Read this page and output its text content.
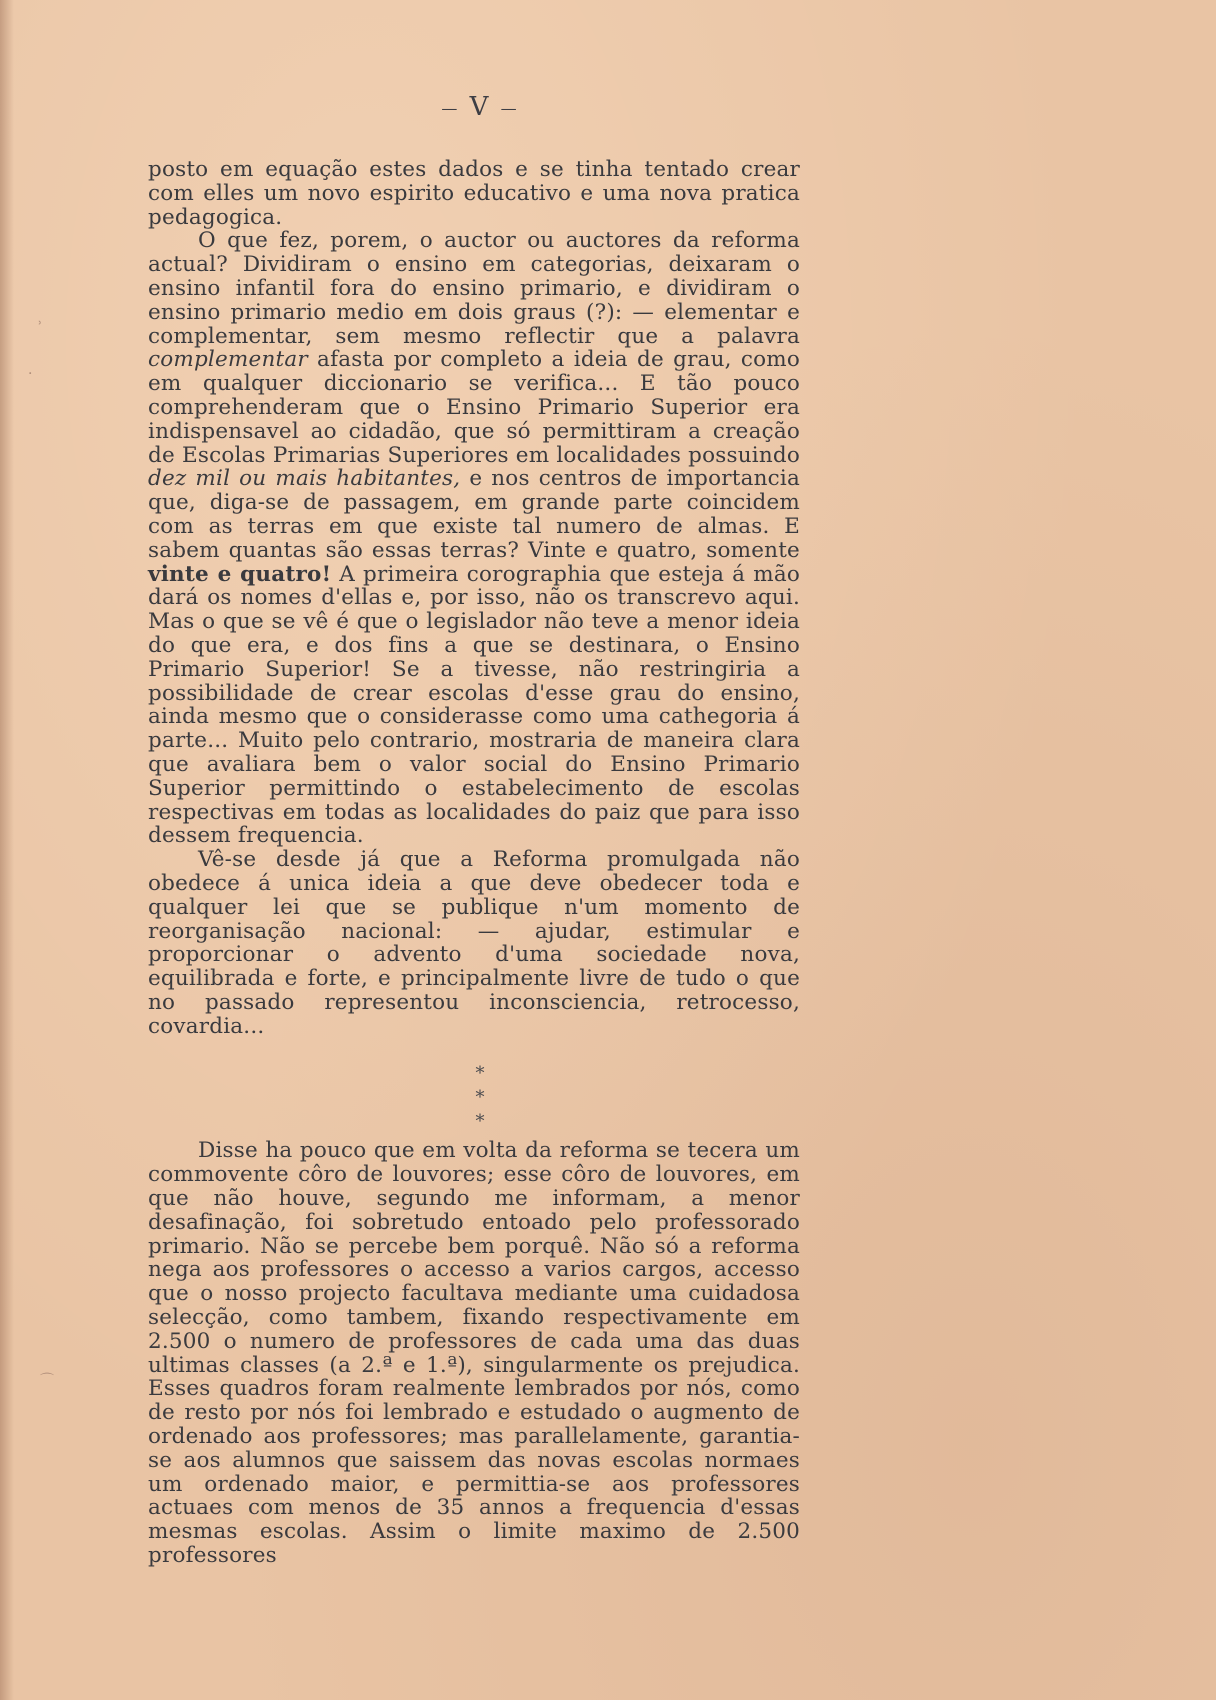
˒
·
⌒
— V —

posto em equação estes dados e se tinha tentado crear com elles um novo espirito educativo e uma nova pratica pedagogica.

O que fez, porem, o auctor ou auctores da reforma actual? Dividiram o ensino em categorias, deixaram o ensino infantil fora do ensino primario, e dividiram o ensino primario medio em dois graus (?): — elementar e complementar, sem mesmo reflectir que a palavra complementar afasta por completo a ideia de grau, como em qualquer diccionario se verifica... E tão pouco comprehenderam que o Ensino Primario Superior era indispensavel ao cidadão, que só permittiram a creação de Escolas Primarias Superiores em localidades possuindo dez mil ou mais habitantes, e nos centros de importancia que, diga-se de passagem, em grande parte coincidem com as terras em que existe tal numero de almas. E sabem quantas são essas terras? Vinte e quatro, somente vinte e quatro! A primeira corographia que esteja á mão dará os nomes d'ellas e, por isso, não os transcrevo aqui. Mas o que se vê é que o legislador não teve a menor ideia do que era, e dos fins a que se destinara, o Ensino Primario Superior! Se a tivesse, não restringiria a possibilidade de crear escolas d'esse grau do ensino, ainda mesmo que o considerasse como uma cathegoria á parte... Muito pelo contrario, mostraria de maneira clara que avaliara bem o valor social do Ensino Primario Superior permittindo o estabelecimento de escolas respectivas em todas as localidades do paiz que para isso dessem frequencia.

Vê-se desde já que a Reforma promulgada não obedece á unica ideia a que deve obedecer toda e qualquer lei que se publique n'um momento de reorganisação nacional: — ajudar, estimular e proporcionar o advento d'uma sociedade nova, equilibrada e forte, e principalmente livre de tudo o que no passado representou inconsciencia, retrocesso, covardia...

Disse ha pouco que em volta da reforma se tecera um commovente côro de louvores; esse côro de louvores, em que não houve, segundo me informam, a menor desafinação, foi sobretudo entoado pelo professorado primario. Não se percebe bem porquê. Não só a reforma nega aos professores o accesso a varios cargos, accesso que o nosso projecto facultava mediante uma cuidadosa selecção, como tambem, fixando respectivamente em 2.500 o numero de professores de cada uma das duas ultimas classes (a 2.ª e 1.ª), singularmente os prejudica. Esses quadros foram realmente lembrados por nós, como de resto por nós foi lembrado e estudado o augmento de ordenado aos professores; mas parallelamente, garantia-se aos alumnos que saissem das novas escolas normaes um ordenado maior, e permittia-se aos professores actuaes com menos de 35 annos a frequencia d'essas mesmas escolas. Assim o limite maximo de 2.500 professores

* *
*
